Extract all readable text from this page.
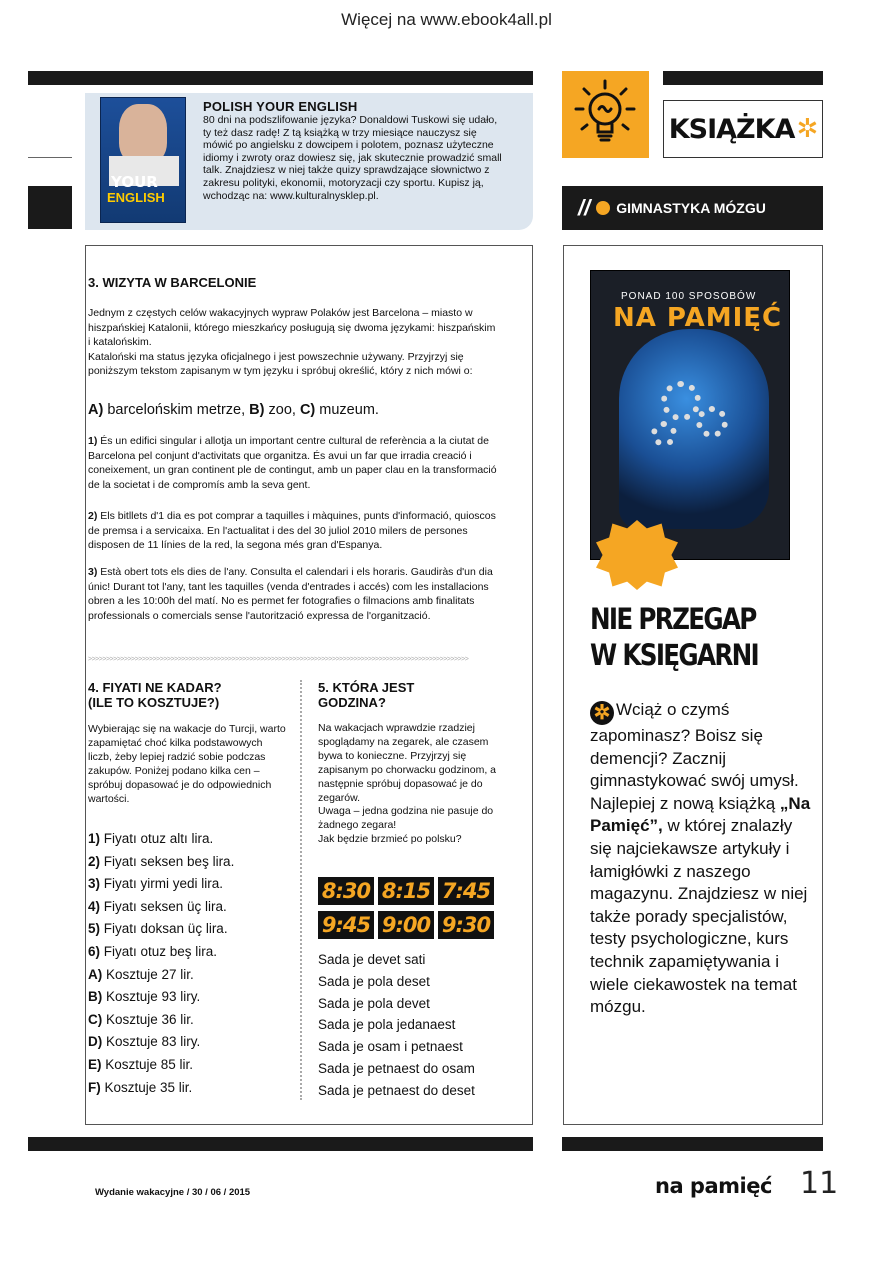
Więcej na www.ebook4all.pl
YOUR
ENGLISH
POLISH YOUR ENGLISH
80 dni na podszlifowanie języka? Donaldowi Tuskowi się udało, ty też dasz radę! Z tą książką w trzy miesiące nauczysz się mówić po angielsku z dowcipem i polotem, poznasz użyteczne idiomy i zwroty oraz dowiesz się, jak skutecznie prowadzić small talk. Znajdziesz w niej także quizy sprawdzające słownictwo z zakresu polityki, ekonomii, motoryzacji czy sportu. Kupisz ją, wchodząc na: www.kulturalnysklep.pl.
KSIĄŻKA ✲
// GIMNASTYKA MÓZGU
3. WIZYTA W BARCELONIE
Jednym z częstych celów wakacyjnych wypraw Polaków jest Barcelona – miasto w hiszpańskiej Katalonii, którego mieszkańcy posługują się dwoma językami: hiszpańskim i katalońskim.
Kataloński ma status języka oficjalnego i jest powszechnie używany. Przyjrzyj się poniższym tekstom zapisanym w tym języku i spróbuj określić, który z nich mówi o:
A) barcelońskim metrze, B) zoo, C) muzeum.
1) És un edifici singular i allotja un important centre cultural de referència a la ciutat de Barcelona pel conjunt d'activitats que organitza. És avui un far que irradia creació i coneixement, un gran continent ple de contingut, amb un paper clau en la transformació de la societat i de compromís amb la seva gent.
2) Els bitllets d'1 dia es pot comprar a taquilles i màquines, punts d'informació, quioscos de premsa i a servicaixa. En l'actualitat i des del 30 juliol 2010 milers de persones disposen de 11 línies de la red, la segona més gran d'Espanya.
3) Està obert tots els dies de l'any. Consulta el calendari i els horaris. Gaudiràs d'un dia únic! Durant tot l'any, tant les taquilles (venda d'entrades i accés) com les installacions obren a les 10:00h del matí. No es permet fer fotografies o filmacions amb finalitats professionals o comercials sense l'autorització expressa de l'organització.
>>>>>>>>>>>>>>>>>>>>>>>>>>>>>>>>>>>>>>>>>>>>>>>>>>>>>>>>>>>>>>>>>>>>>>>>>>>>>>>>>>>>>>>>>>>>>>>>>>>>>>>>>>
4. FIYATI NE KADAR?
(ILE TO KOSZTUJE?)
Wybierając się na wakacje do Turcji, warto zapamiętać choć kilka podstawowych liczb, żeby lepiej radzić sobie podczas zakupów. Poniżej podano kilka cen – spróbuj dopasować je do odpowiednich wartości.
1) Fiyatı otuz altı lira.
2) Fiyatı seksen beş lira.
3) Fiyatı yirmi yedi lira.
4) Fiyatı seksen üç lira.
5) Fiyatı doksan üç lira.
6) Fiyatı otuz beş lira.
A) Kosztuje 27 lir.
B) Kosztuje 93 liry.
C) Kosztuje 36 lir.
D) Kosztuje 83 liry.
E) Kosztuje 85 lir.
F) Kosztuje 35 lir.
5. KTÓRA JEST
GODZINA?
Na wakacjach wprawdzie rzadziej spoglądamy na zegarek, ale czasem bywa to konieczne. Przyjrzyj się zapisanym po chorwacku godzinom, a następnie spróbuj dopasować je do zegarów.
Uwaga – jedna godzina nie pasuje do żadnego zegara!
Jak będzie brzmieć po polsku?
8:30 8:15 7:45 9:45 9:00 9:30
Sada je devet sati
Sada je pola deset
Sada je pola devet
Sada je pola jedanaest
Sada je osam i petnaest
Sada je petnaest do osam
Sada je petnaest do deset
PONAD 100 SPOSOBÓW
NA PAMIĘĆ
NIE PRZEGAP
W KSIĘGARNI
✲ Wciąż o czymś zapominasz? Boisz się demencji? Zacznij gimnastykować swój umysł. Najlepiej z nową książką „Na Pamięć”, w której znalazły się najciekawsze artykuły i łamigłówki z naszego magazynu. Znajdziesz w niej także porady specjalistów, testy psychologiczne, kurs technik zapamiętywania i wiele ciekawostek na temat mózgu.
Wydanie wakacyjne / 30 / 06 / 2015	na pamięć 11
